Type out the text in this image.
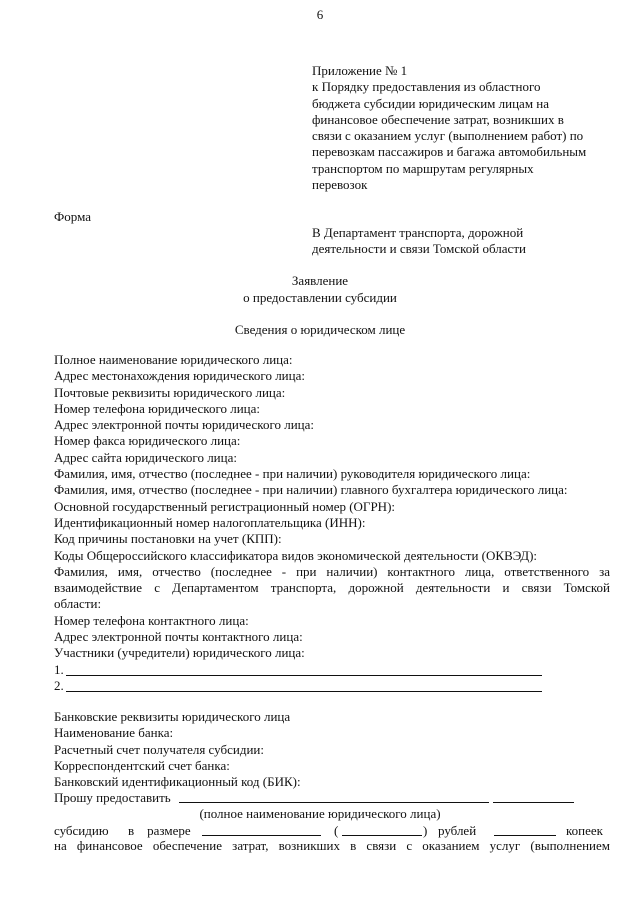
6
Приложение № 1
к Порядку предоставления из областного
бюджета субсидии юридическим лицам на
финансовое обеспечение затрат, возникших в
связи с оказанием услуг (выполнением работ) по
перевозкам пассажиров и багажа автомобильным
транспортом по маршрутам регулярных
перевозок
Форма
В Департамент транспорта, дорожной
деятельности и связи Томской области
Заявление
о предоставлении субсидии
Сведения о юридическом лице
Полное наименование юридического лица:
Адрес местонахождения юридического лица:
Почтовые реквизиты юридического лица:
Номер телефона юридического лица:
Адрес электронной почты юридического лица:
Номер факса юридического лица:
Адрес сайта юридического лица:
Фамилия, имя, отчество (последнее - при наличии) руководителя юридического лица:
Фамилия, имя, отчество (последнее - при наличии) главного бухгалтера юридического лица:
Основной государственный регистрационный номер (ОГРН):
Идентификационный номер налогоплательщика (ИНН):
Код причины постановки на учет (КПП):
Коды Общероссийского классификатора видов экономической деятельности (ОКВЭД):
Фамилия, имя, отчество (последнее - при наличии) контактного лица, ответственного за
взаимодействие с Департаментом транспорта, дорожной деятельности и связи Томской
области:
Номер телефона контактного лица:
Адрес электронной почты контактного лица:
Участники (учредители) юридического лица:
1.
2.
Банковские реквизиты юридического лица
Наименование банка:
Расчетный счет получателя субсидии:
Корреспондентский счет банка:
Банковский идентификационный код (БИК):
Прошу предоставить
(полное наименование юридического лица)
субсидию в    размере	(	) рублей	копеек
на финансовое обеспечение затрат, возникших в связи с оказанием услуг (выполнением
